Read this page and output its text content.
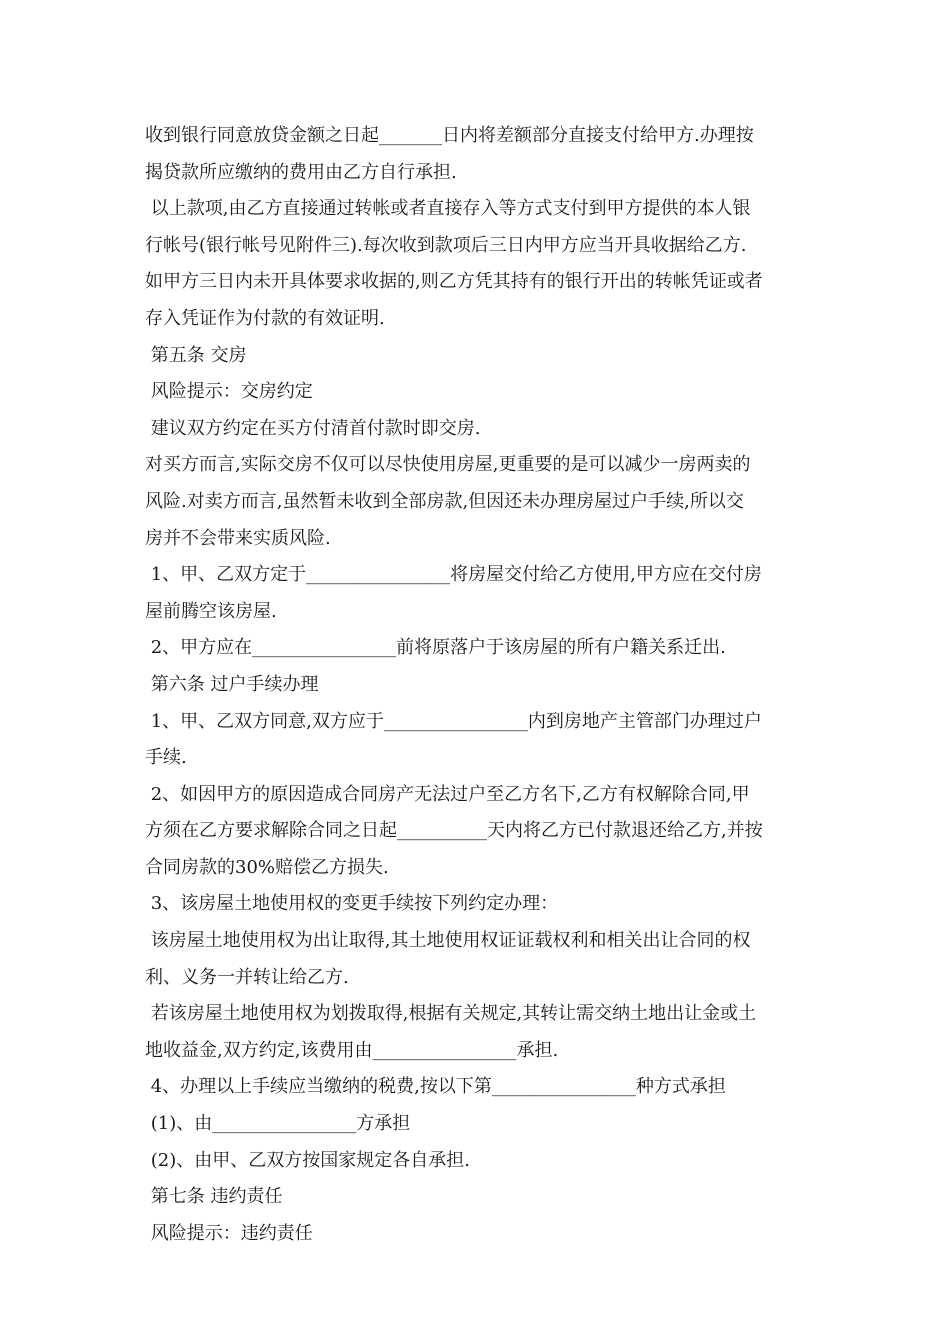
收到银行同意放贷金额之日起_______日内将差额部分直接支付给甲方.办理按
揭贷款所应缴纳的费用由乙方自行承担.
以上款项,由乙方直接通过转帐或者直接存入等方式支付到甲方提供的本人银
行帐号(银行帐号见附件三).每次收到款项后三日内甲方应当开具收据给乙方.
如甲方三日内未开具体要求收据的,则乙方凭其持有的银行开出的转帐凭证或者
存入凭证作为付款的有效证明.
第五条 交房
风险提示：交房约定
建议双方约定在买方付清首付款时即交房.
对买方而言,实际交房不仅可以尽快使用房屋,更重要的是可以减少一房两卖的
风险.对卖方而言,虽然暂未收到全部房款,但因还未办理房屋过户手续,所以交
房并不会带来实质风险.
1、甲、乙双方定于________________将房屋交付给乙方使用,甲方应在交付房
屋前腾空该房屋.
2、甲方应在________________前将原落户于该房屋的所有户籍关系迁出.
第六条 过户手续办理
1、甲、乙双方同意,双方应于________________内到房地产主管部门办理过户
手续.
2、如因甲方的原因造成合同房产无法过户至乙方名下,乙方有权解除合同,甲
方须在乙方要求解除合同之日起__________天内将乙方已付款退还给乙方,并按
合同房款的30%赔偿乙方损失.
3、该房屋土地使用权的变更手续按下列约定办理：
该房屋土地使用权为出让取得,其土地使用权证证载权利和相关出让合同的权
利、义务一并转让给乙方.
若该房屋土地使用权为划拨取得,根据有关规定,其转让需交纳土地出让金或土
地收益金,双方约定,该费用由________________承担.
4、办理以上手续应当缴纳的税费,按以下第________________种方式承担
(1)、由________________方承担
(2)、由甲、乙双方按国家规定各自承担.
第七条 违约责任
风险提示：违约责任
